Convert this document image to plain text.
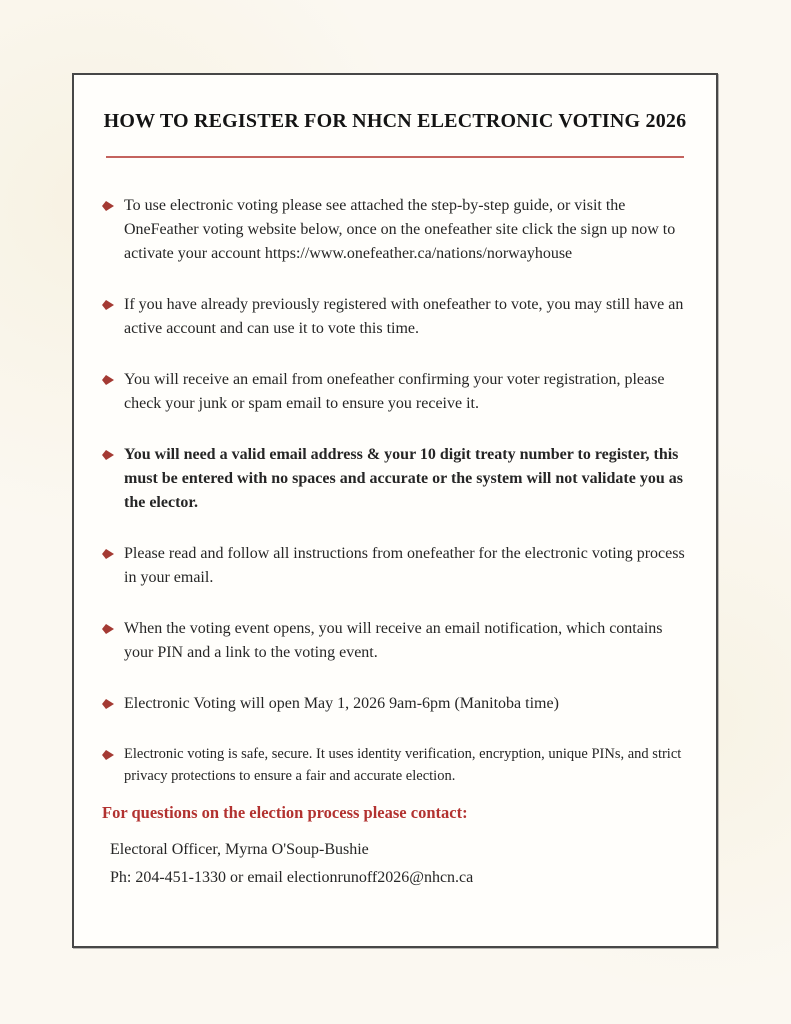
HOW TO REGISTER FOR NHCN ELECTRONIC VOTING 2026
To use electronic voting please see attached the step-by-step guide, or visit the OneFeather voting website below, once on the onefeather site click the sign up now to activate your account https://www.onefeather.ca/nations/norwayhouse
If you have already previously registered with onefeather to vote, you may still have an active account and can use it to vote this time.
You will receive an email from onefeather confirming your voter registration, please check your junk or spam email to ensure you receive it.
You will need a valid email address & your 10 digit treaty number to register, this must be entered with no spaces and accurate or the system will not validate you as the elector.
Please read and follow all instructions from onefeather for the electronic voting process in your email.
When the voting event opens, you will receive an email notification, which contains your PIN and a link to the voting event.
Electronic Voting will open May 1, 2026 9am-6pm (Manitoba time)
Electronic voting is safe, secure. It uses identity verification, encryption, unique PINs, and strict privacy protections to ensure a fair and accurate election.

For questions on the election process please contact:

Electoral Officer, Myrna O'Soup-Bushie

Ph: 204-451-1330 or email electionrunoff2026@nhcn.ca
